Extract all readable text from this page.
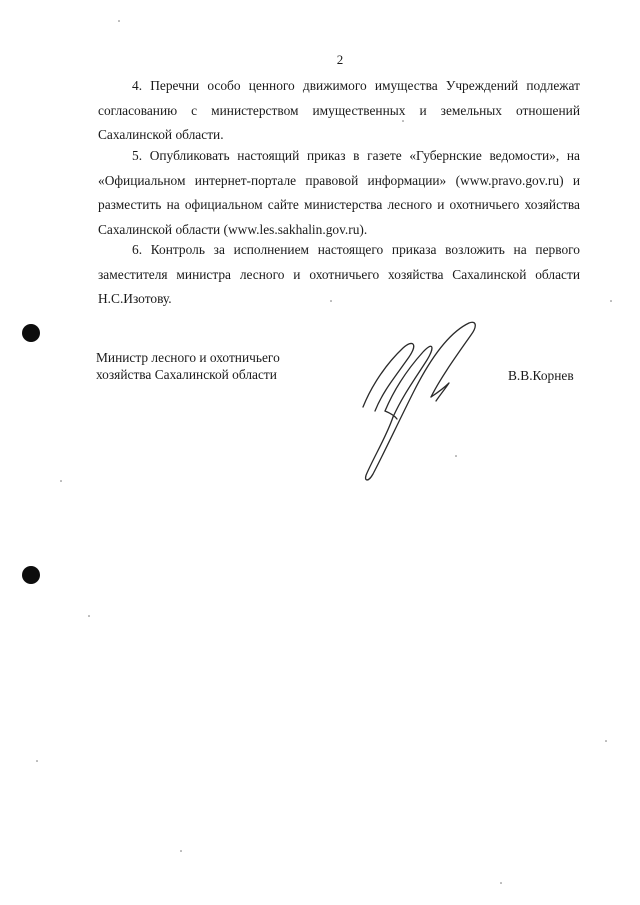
2

4. Перечни особо ценного движимого имущества Учреждений подлежат согласованию с министерством имущественных и земельных отношений Сахалинской области.

5. Опубликовать настоящий приказ в газете «Губернские ведомости», на «Официальном интернет-портале правовой информации» (www.pravo.gov.ru) и разместить на официальном сайте министерства лесного и охотничьего хозяйства Сахалинской области (www.les.sakhalin.gov.ru).

6. Контроль за исполнением настоящего приказа возложить на первого заместителя министра лесного и охотничьего хозяйства Сахалинской области Н.С.Изотову.

Министр лесного и охотничьего
хозяйства Сахалинской области	В.В.Корнев
